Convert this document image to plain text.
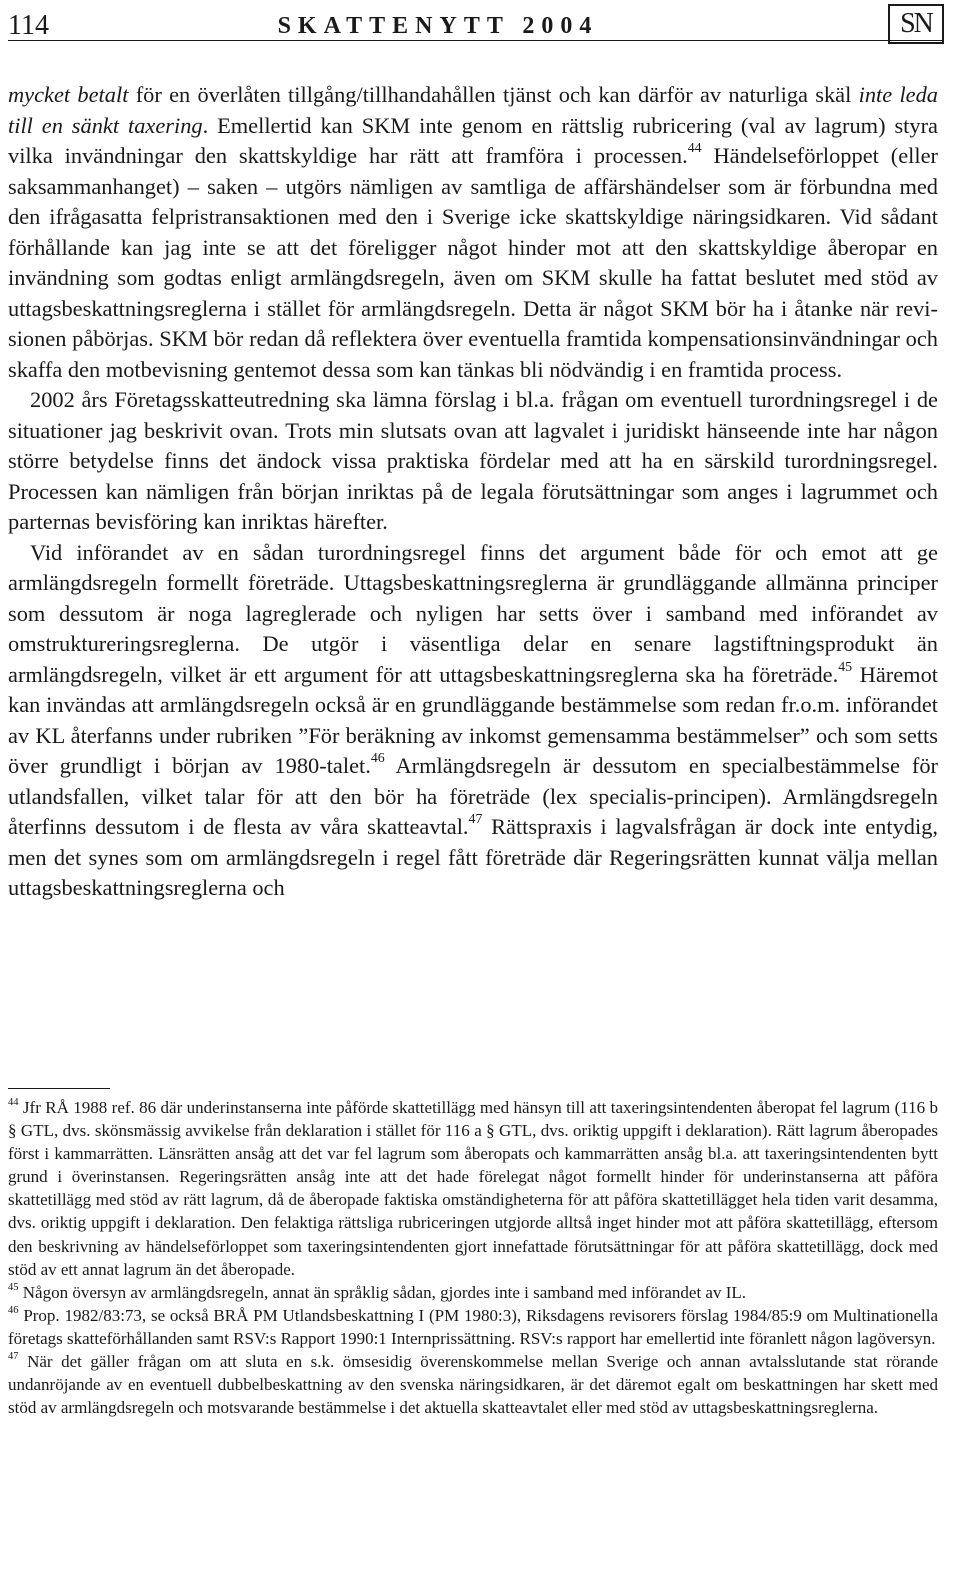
114	SKATTENYTT 2004	SN

mycket betalt för en överlåten tillgång/tillhandahållen tjänst och kan därför av naturliga skäl inte leda till en sänkt taxering. Emellertid kan SKM inte genom en rättslig rubricering (val av lagrum) styra vilka invändningar den skattskyldige har rätt att framföra i processen.$^{44}$ Händelseförloppet (eller saksammanhanget) – saken – utgörs nämligen av samtliga de affärshändelser som är förbundna med den ifrågasatta felpristransaktionen med den i Sverige icke skattskyldige näringsidkaren. Vid sådant förhållande kan jag inte se att det föreligger något hinder mot att den skattskyldige åberopar en invändning som godtas enligt armlängdsregeln, även om SKM skulle ha fattat beslutet med stöd av uttagsbeskattningsreglerna i stället för armlängdsregeln. Detta är något SKM bör ha i åtanke när revisionen påbörjas. SKM bör redan då reflektera över eventuella framtida kompensationsinvändningar och skaffa den motbevisning gentemot dessa som kan tänkas bli nödvändig i en framtida process.

2002 års Företagsskatteutredning ska lämna förslag i bl.a. frågan om eventuell turordningsregel i de situationer jag beskrivit ovan. Trots min slutsats ovan att lagvalet i juridiskt hänseende inte har någon större betydelse finns det ändock vissa praktiska fördelar med att ha en särskild turordningsregel. Processen kan nämligen från början inriktas på de legala förutsättningar som anges i lagrummet och parternas bevisföring kan inriktas härefter.

Vid införandet av en sådan turordningsregel finns det argument både för och emot att ge armlängdsregeln formellt företräde. Uttagsbeskattningsreglerna är grundläggande allmänna principer som dessutom är noga lagreglerade och nyligen har setts över i samband med införandet av omstruktureringsreglerna. De utgör i väsentliga delar en senare lagstiftningsprodukt än armlängdsregeln, vilket är ett argument för att uttagsbeskattningsreglerna ska ha företräde.$^{45}$ Häremot kan invändas att armlängdsregeln också är en grundläggande bestämmelse som redan fr.o.m. införandet av KL återfanns under rubriken ”För beräkning av inkomst gemensamma bestämmelser” och som setts över grundligt i början av 1980-talet.$^{46}$ Armlängdsregeln är dessutom en specialbestämmelse för utlandsfallen, vilket talar för att den bör ha företräde (lex specialis-principen). Armlängdsregeln återfinns dessutom i de flesta av våra skatteavtal.$^{47}$ Rättspraxis i lagvalsfrågan är dock inte entydig, men det synes som om armlängdsregeln i regel fått företräde där Regeringsrätten kunnat välja mellan uttagsbeskattningsreglerna och

$^{44}$ Jfr RÅ 1988 ref. 86 där underinstanserna inte påförde skattetillägg med hänsyn till att taxeringsintendenten åberopat fel lagrum (116 b § GTL, dvs. skönsmässig avvikelse från deklaration i stället för 116 a § GTL, dvs. oriktig uppgift i deklaration). Rätt lagrum åberopades först i kammarrätten. Länsrätten ansåg att det var fel lagrum som åberopats och kammarrätten ansåg bl.a. att taxeringsintendenten bytt grund i överinstansen. Regeringsrätten ansåg inte att det hade förelegat något formellt hinder för underinstanserna att påföra skattetillägg med stöd av rätt lagrum, då de åberopade faktiska omständigheterna för att påföra skattetillägget hela tiden varit desamma, dvs. oriktig uppgift i deklaration. Den felaktiga rättsliga rubriceringen utgjorde alltså inget hinder mot att påföra skattetillägg, eftersom den beskrivning av händelseförloppet som taxeringsintendenten gjort innefattade förutsättningar för att påföra skattetillägg, dock med stöd av ett annat lagrum än det åberopade.

$^{45}$ Någon översyn av armlängdsregeln, annat än språklig sådan, gjordes inte i samband med införandet av IL.

$^{46}$ Prop. 1982/83:73, se också BRÅ PM Utlandsbeskattning I (PM 1980:3), Riksdagens revisorers förslag 1984/85:9 om Multinationella företags skatteförhållanden samt RSV:s Rapport 1990:1 Internprissättning. RSV:s rapport har emellertid inte föranlett någon lagöversyn.

$^{47}$ När det gäller frågan om att sluta en s.k. ömsesidig överenskommelse mellan Sverige och annan avtalsslutande stat rörande undanröjande av en eventuell dubbelbeskattning av den svenska näringsidkaren, är det däremot egalt om beskattningen har skett med stöd av armlängdsregeln och motsvarande bestämmelse i det aktuella skatteavtalet eller med stöd av uttagsbeskattningsreglerna.
